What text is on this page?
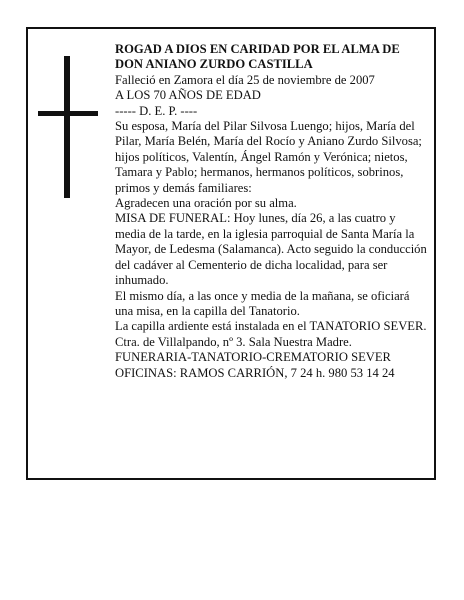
ROGAD A DIOS EN CARIDAD POR EL ALMA DE

DON ANIANO ZURDO CASTILLA

Falleció en Zamora el día 25 de noviembre de 2007

A LOS 70 AÑOS DE EDAD

----- D. E. P. ----

Su esposa, María del Pilar Silvosa Luengo; hijos, María del Pilar, María Belén, María del Rocío y Aniano Zurdo Silvosa; hijos políticos, Valentín, Ángel Ramón y Verónica; nietos, Tamara y Pablo; hermanos, hermanos políticos, sobrinos, primos y demás familiares:

Agradecen una oración por su alma.

MISA DE FUNERAL: Hoy lunes, día 26, a las cuatro y media de la tarde, en la iglesia parroquial de Santa María la Mayor, de Ledesma (Salamanca). Acto seguido la conducción del cadáver al Cementerio de dicha localidad, para ser inhumado.

El mismo día, a las once y media de la mañana, se oficiará una misa, en la capilla del Tanatorio.

La capilla ardiente está instalada en el TANATORIO SEVER. Ctra. de Villalpando, nº 3. Sala Nuestra Madre.

FUNERARIA-TANATORIO-CREMATORIO SEVER

OFICINAS: RAMOS CARRIÓN, 7 24 h. 980 53 14 24
